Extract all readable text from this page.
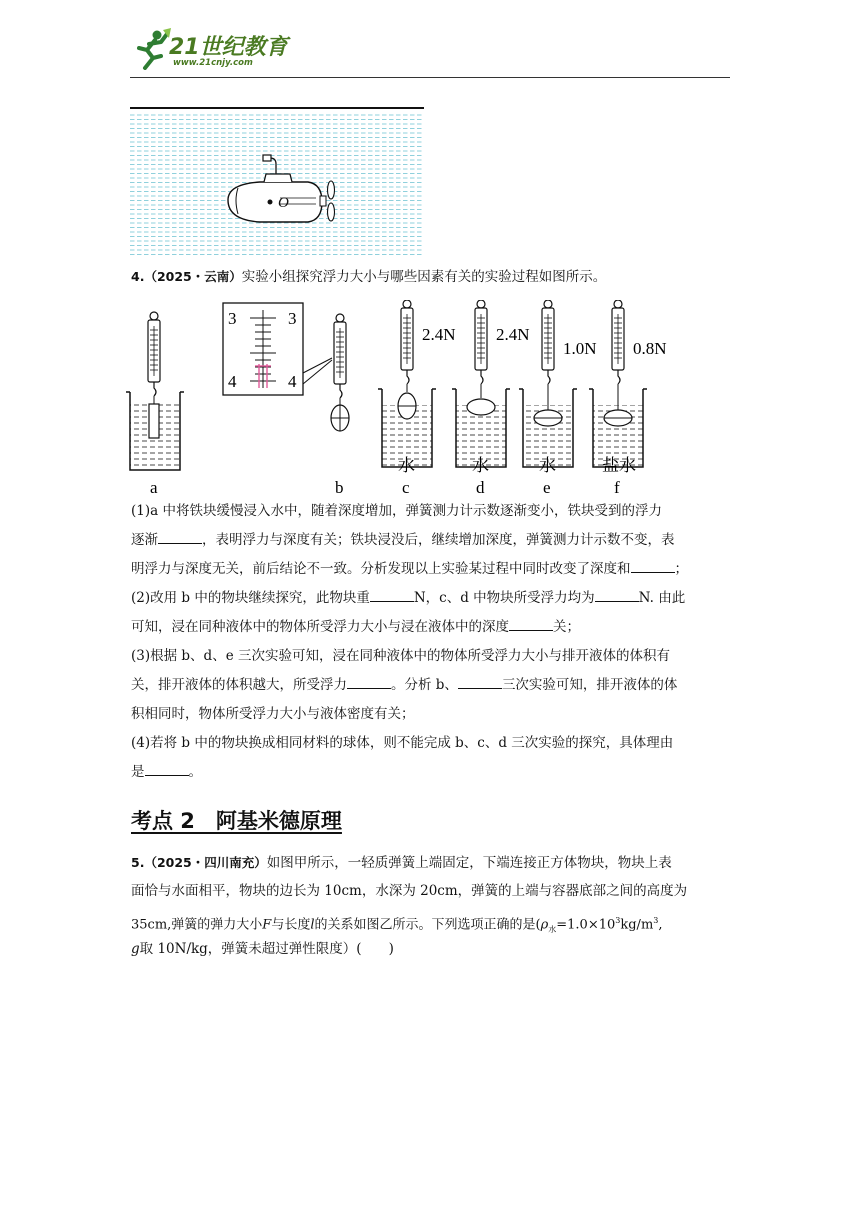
21世纪教育
www.21cnjy.com
O
4.（2025・云南）实验小组探究浮力大小与哪些因素有关的实验过程如图所示。
a
3	3
4	4
b
2.4N
水
c
2.4N
水
d
1.0N
水
e
0.8N
盐水
f
(1)a 中将铁块缓慢浸入水中，随着深度增加，弹簧测力计示数逐渐变小，铁块受到的浮力
逐渐	，表明浮力与深度有关；铁块浸没后，继续增加深度，弹簧测力计示数不变，表
明浮力与深度无关，前后结论不一致。分析发现以上实验某过程中同时改变了深度和	；
(2)改用 b 中的物块继续探究，此物块重	N，c、d 中物块所受浮力均为	N. 由此
可知，浸在同种液体中的物体所受浮力大小与浸在液体中的深度	关；
(3)根据 b、d、e 三次实验可知，浸在同种液体中的物体所受浮力大小与排开液体的体积有
关，排开液体的体积越大，所受浮力	。分析 b、	三次实验可知，排开液体的体
积相同时，物体所受浮力大小与液体密度有关；
(4)若将 b 中的物块换成相同材料的球体，则不能完成 b、c、d 三次实验的探究，具体理由
是	。
考点 2　阿基米德原理
5.（2025・四川南充）如图甲所示，一轻质弹簧上端固定，下端连接正方体物块，物块上表
面恰与水面相平，物块的边长为 10cm，水深为 20cm，弹簧的上端与容器底部之间的高度为
35cm,弹簧的弹力大小F与长度l的关系如图乙所示。下列选项正确的是($\rho_水=1.0\times 10^3kg/m^3$,
g取 10N/kg，弹簧未超过弹性限度）(　　)
